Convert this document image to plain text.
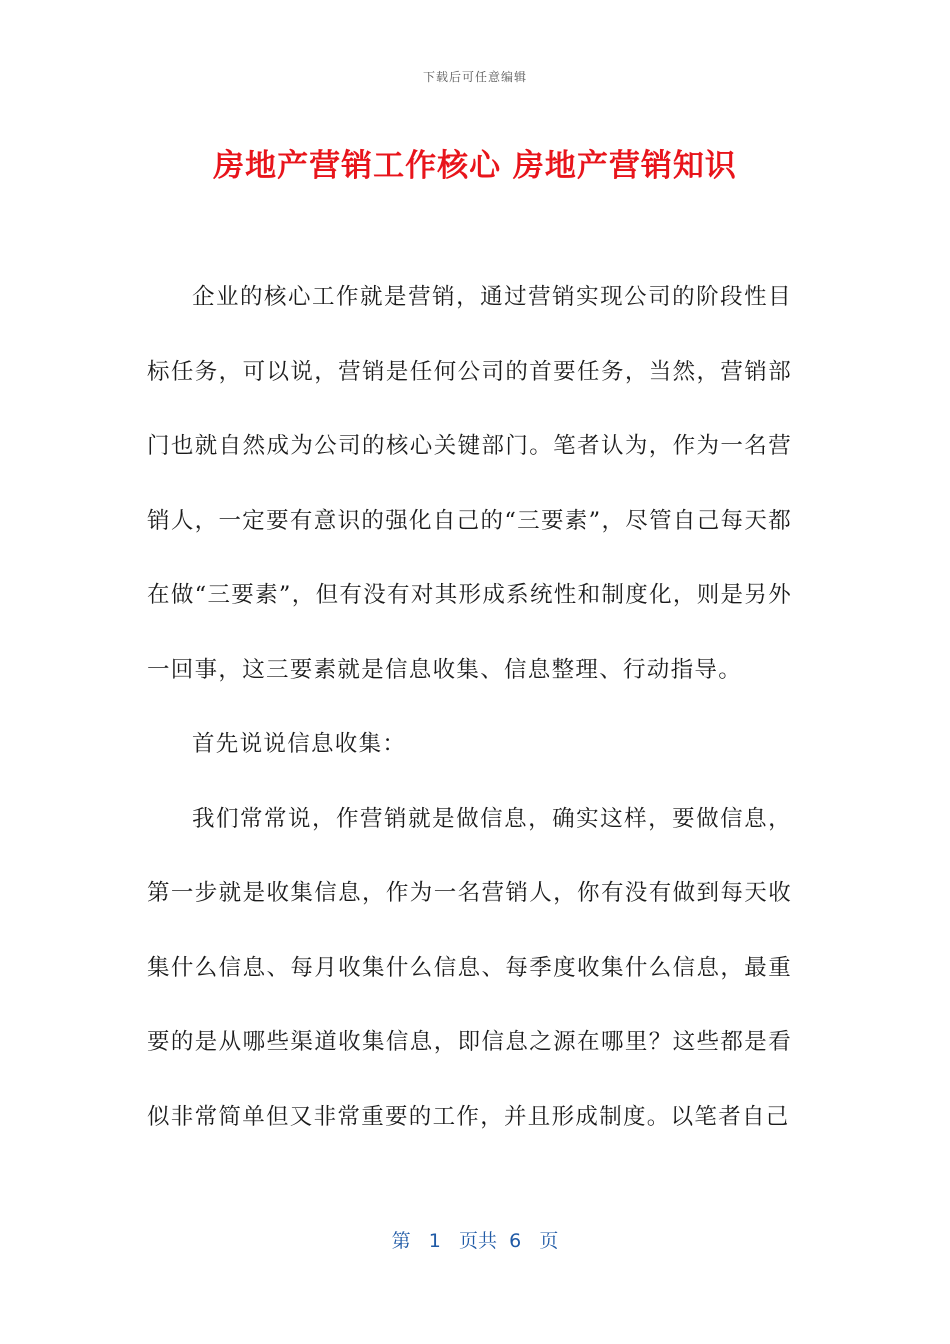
下载后可任意编辑
房地产营销工作核心 房地产营销知识

企业的核心工作就是营销，通过营销实现公司的阶段性目标任务，可以说，营销是任何公司的首要任务，当然，营销部门也就自然成为公司的核心关键部门。笔者认为，作为一名营销人，一定要有意识的强化自己的“三要素”，尽管自己每天都在做“三要素”，但有没有对其形成系统性和制度化，则是另外一回事，这三要素就是信息收集、信息整理、行动指导。

首先说说信息收集：

我们常常说，作营销就是做信息，确实这样，要做信息，第一步就是收集信息，作为一名营销人，你有没有做到每天收集什么信息、每月收集什么信息、每季度收集什么信息，最重要的是从哪些渠道收集信息，即信息之源在哪里？这些都是看似非常简单但又非常重要的工作，并且形成制度。以笔者自己

第 1 页共 6 页
